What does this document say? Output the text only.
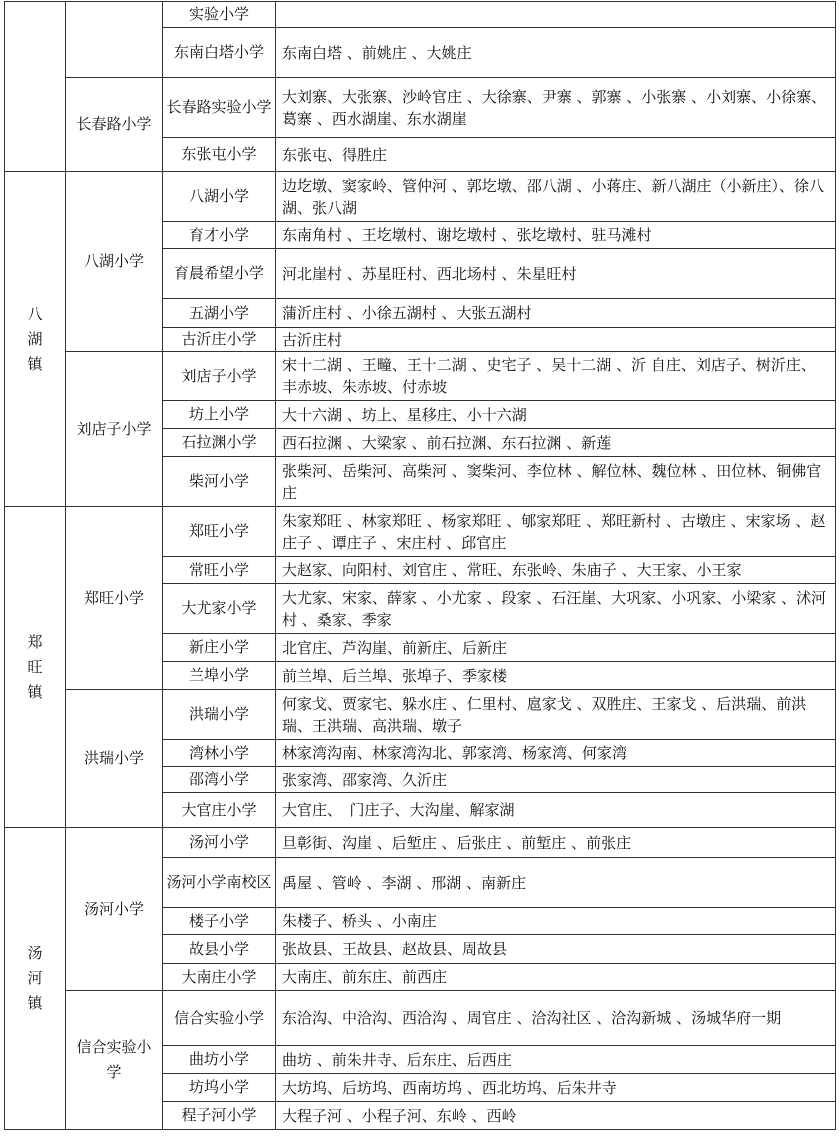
		实验小学	
		东南白塔小学	东南白塔 、前姚庄 、大姚庄
	长春路小学	长春路实验小学	大刘寨、大张寨、沙岭官庄 、大徐寨、尹寨 、郭寨 、小张寨 、小刘寨、小徐寨、葛寨 、西水湖崖、东水湖崖
		东张屯小学	东张屯、得胜庄

八
湖
镇	八湖小学	八湖小学	边圪墩、窦家岭、管仲河 、郭圪墩、邵八湖 、小蒋庄、新八湖庄（小新庄）、徐八湖、张八湖
		育才小学	东南角村 、王圪墩村、谢圪墩村 、张圪墩村、驻马滩村
		育晨希望小学	河北崖村 、苏星旺村、西北场村 、朱星旺村
		五湖小学	蒲沂庄村 、小徐五湖村 、大张五湖村
		古沂庄小学	古沂庄村
	刘店子小学	刘店子小学	宋十二湖 、王疃、王十二湖 、史宅子 、吴十二湖 、沂 自庄、刘店子、树沂庄、丰赤坡、朱赤坡、付赤坡
		坊上小学	大十六湖 、坊上、星移庄、小十六湖
		石拉渊小学	西石拉渊 、大梁家 、前石拉渊、东石拉渊 、新莲
		柴河小学	张柴河、岳柴河、高柴河 、窦柴河、李位林 、解位林、魏位林 、田位林、铜佛官庄

郑
旺
镇	郑旺小学	郑旺小学	朱家郑旺 、林家郑旺 、杨家郑旺 、郇家郑旺 、郑旺新村 、古墩庄 、宋家场 、赵庄子 、谭庄子 、宋庄村 、邱官庄
		常旺小学	大赵家、向阳村、刘官庄 、常旺、东张岭、朱庙子 、大王家、小王家
		大尤家小学	大尤家、宋家、薛家 、小尤家 、段家 、石汪崖、大巩家、小巩家、小梁家 、沭河村 、桑家、季家
		新庄小学	北官庄、芦沟崖、前新庄、后新庄
		兰埠小学	前兰埠、后兰埠、张埠子、季家楼
	洪瑞小学	洪瑞小学	何家戈、贾家宅、躲水庄 、仁里村、扈家戈 、双胜庄、王家戈 、后洪瑞、前洪瑞、王洪瑞、高洪瑞、墩子
		湾林小学	林家湾沟南、林家湾沟北、郭家湾、杨家湾、何家湾
		邵湾小学	张家湾、邵家湾、久沂庄
		大官庄小学	大官庄、　门庄子、大沟崖、解家湖

汤
河
镇	汤河小学	汤河小学	旦彰街、沟崖 、后堑庄 、后张庄 、前堑庄 、前张庄
		汤河小学南校区	禹屋 、管岭 、李湖 、邢湖 、南新庄
		楼子小学	朱楼子、桥头 、小南庄
		故县小学	张故县、王故县、赵故县、周故县
		大南庄小学	大南庄、前东庄、前西庄
	信合实验小学	信合实验小学	东洽沟、中洽沟、西洽沟 、周官庄 、洽沟社区 、洽沟新城 、汤城华府一期
		曲坊小学	曲坊 、前朱井寺、后东庄、后西庄
		坊坞小学	大坊坞、后坊坞、西南坊坞 、西北坊坞、后朱井寺
		程子河小学	大程子河 、小程子河、东岭 、西岭
